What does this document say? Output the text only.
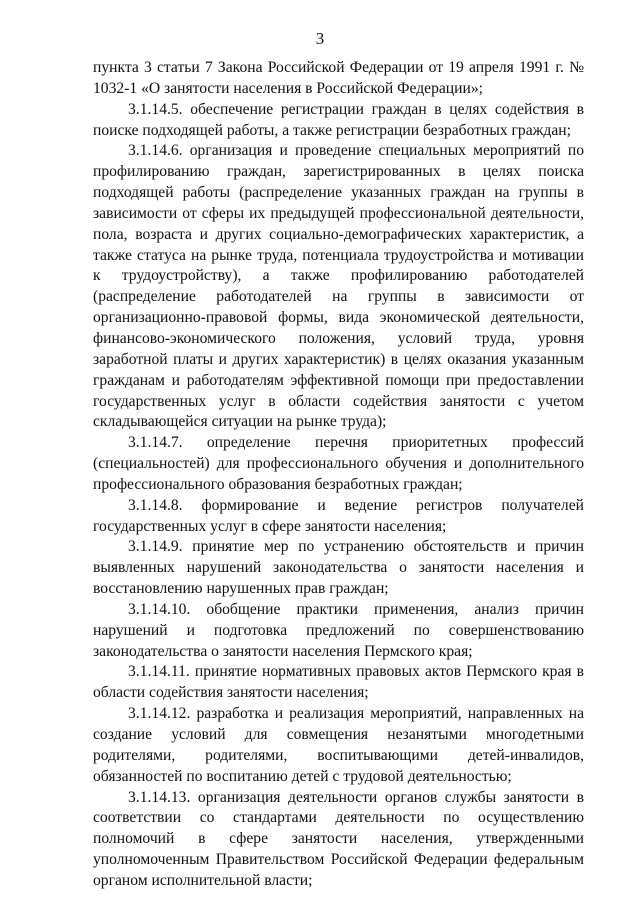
3

пункта 3 статьи 7 Закона Российской Федерации от 19 апреля 1991 г. № 1032-1 «О занятости населения в Российской Федерации»;

3.1.14.5. обеспечение регистрации граждан в целях содействия в поиске подходящей работы, а также регистрации безработных граждан;

3.1.14.6. организация и проведение специальных мероприятий по профилированию граждан, зарегистрированных в целях поиска подходящей работы (распределение указанных граждан на группы в зависимости от сферы их предыдущей профессиональной деятельности, пола, возраста и других социально-демографических характеристик, а также статуса на рынке труда, потенциала трудоустройства и мотивации к трудоустройству), а также профилированию работодателей (распределение работодателей на группы в зависимости от организационно-правовой формы, вида экономической деятельности, финансово-экономического положения, условий труда, уровня заработной платы и других характеристик) в целях оказания указанным гражданам и работодателям эффективной помощи при предоставлении государственных услуг в области содействия занятости с учетом складывающейся ситуации на рынке труда);

3.1.14.7. определение перечня приоритетных профессий (специальностей) для профессионального обучения и дополнительного профессионального образования безработных граждан;

3.1.14.8. формирование и ведение регистров получателей государственных услуг в сфере занятости населения;

3.1.14.9. принятие мер по устранению обстоятельств и причин выявленных нарушений законодательства о занятости населения и восстановлению нарушенных прав граждан;

3.1.14.10. обобщение практики применения, анализ причин нарушений и подготовка предложений по совершенствованию законодательства о занятости населения Пермского края;

3.1.14.11. принятие нормативных правовых актов Пермского края в области содействия занятости населения;

3.1.14.12. разработка и реализация мероприятий, направленных на создание условий для совмещения незанятыми многодетными родителями, родителями, воспитывающими детей-инвалидов, обязанностей по воспитанию детей с трудовой деятельностью;

3.1.14.13. организация деятельности органов службы занятости в соответствии со стандартами деятельности по осуществлению полномочий в сфере занятости населения, утвержденными уполномоченным Правительством Российской Федерации федеральным органом исполнительной власти;
